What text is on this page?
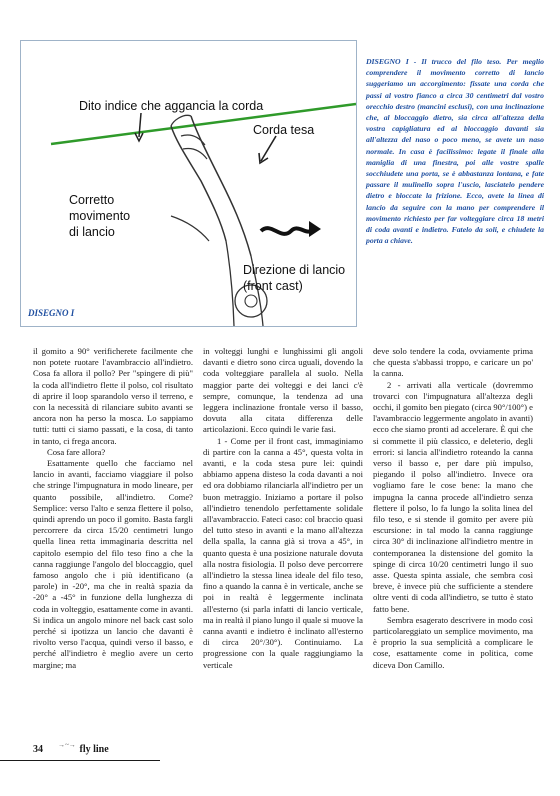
Dito indice che aggancia la corda
Corda tesa
Corretto
movimento
di lancio
Direzione di lancio
(front cast)
DISEGNO I
DISEGNO I - Il trucco del filo teso. Per meglio comprendere il movimento corretto di lancio suggeriamo un accorgimento: fissate una corda che passi al vostro fianco a circa 30 centimetri dal vostro orecchio destro (mancini esclusi), con una inclinazione che, al bloccaggio dietro, sia circa all'altezza della vostra capigliatura ed al bloccaggio davanti sia all'altezza del naso o poco meno, se avete un naso normale. In casa è facilissimo: legate il finale alla maniglia di una finestra, poi alle vostre spalle socchiudete una porta, se è abbastanza lontana, e fate passare il mulinello sopra l'uscio, lasciatelo pendere dietro e bloccate la frizione. Ecco, avete la linea di lancio da seguire con la mano per comprendere il movimento richiesto per far volteggiare circa 18 metri di coda avanti e indietro. Fatelo da soli, e chiudete la porta a chiave.

il gomito a 90° verificherete facilmente che non potete ruotare l'avambraccio all'indietro. Cosa fa allora il pollo? Per "spingere di più" la coda all'indietro flette il polso, col risultato di aprire il loop sparandolo verso il terreno, e con la necessità di rilanciare subito avanti se ancora non ha perso la mosca. Lo sappiamo tutti: tutti ci siamo passati, e la cosa, di tanto in tanto, ci frega ancora.

Cosa fare allora?

Esattamente quello che facciamo nel lancio in avanti, facciamo viaggiare il polso che stringe l'impugnatura in modo lineare, per quanto possibile, all'indietro. Come? Semplice: verso l'alto e senza flettere il polso, quindi aprendo un poco il gomito. Basta fargli percorrere da circa 15/20 centimetri lungo quella linea retta immaginaria descritta nel capitolo esempio del filo teso fino a che la canna raggiunge l'angolo del bloccaggio, quel famoso angolo che i più identificano (a parole) in -20°, ma che in realtà spazia da -20° a -45° in funzione della lunghezza di coda in volteggio, esattamente come in avanti. Si indica un angolo minore nel back cast solo perché si ipotizza un lancio che davanti è rivolto verso l'acqua, quindi verso il basso, e perché all'indietro è meglio avere un certo margine; ma

in volteggi lunghi e lunghissimi gli angoli davanti e dietro sono circa uguali, dovendo la coda volteggiare parallela al suolo. Nella maggior parte dei volteggi e dei lanci c'è sempre, comunque, la tendenza ad una leggera inclinazione frontale verso il basso, dovuta alla citata differenza delle articolazioni. Ecco quindi le varie fasi.

1 - Come per il front cast, immaginiamo di partire con la canna a 45°, questa volta in avanti, e la coda stesa pure lei: quindi abbiamo appena disteso la coda davanti a noi ed ora dobbiamo rilanciarla all'indietro per un buon metraggio. Iniziamo a portare il polso all'indietro tenendolo perfettamente solidale all'avambraccio. Fateci caso: col braccio quasi del tutto steso in avanti e la mano all'altezza della spalla, la canna già si trova a 45°, in quanto questa è una posizione naturale dovuta alla nostra fisiologia. Il polso deve percorrere all'indietro la stessa linea ideale del filo teso, fino a quando la canna è in verticale, anche se poi in realtà è leggermente inclinata all'esterno (si parla infatti di lancio verticale, ma in realtà il piano lungo il quale si muove la canna avanti e indietro è inclinato all'esterno di circa 20°/30°). Continuiamo. La progressione con la quale raggiungiamo la verticale

deve solo tendere la coda, ovviamente prima che questa s'abbassi troppo, e caricare un po' la canna.

2 - arrivati alla verticale (dovremmo trovarci con l'impugnatura all'altezza degli occhi, il gomito ben piegato (circa 90°/100°) e l'avambraccio leggermente angolato in avanti) ecco che siamo pronti ad accelerare. È qui che si commette il più classico, e deleterio, degli errori: si lancia all'indietro roteando la canna verso il basso e, per dare più impulso, piegando il polso all'indietro. Invece ora vogliamo fare le cose bene: la mano che impugna la canna procede all'indietro senza flettere il polso, lo fa lungo la solita linea del filo teso, e si stende il gomito per avere più escursione: in tal modo la canna raggiunge circa 30° di inclinazione all'indietro mentre in contemporanea la distensione del gomito la spinge di circa 10/20 centimetri lungo il suo asse. Questa spinta assiale, che sembra così breve, è invece più che sufficiente a stendere oltre venti di coda all'indietro, se tutto è stato fatto bene.

Sembra esagerato descrivere in modo così particolareggiato un semplice movimento, ma è proprio la sua semplicità a complicare le cose, esattamente come in politica, come diceva Don Camillo.

34	fly line
→~→
